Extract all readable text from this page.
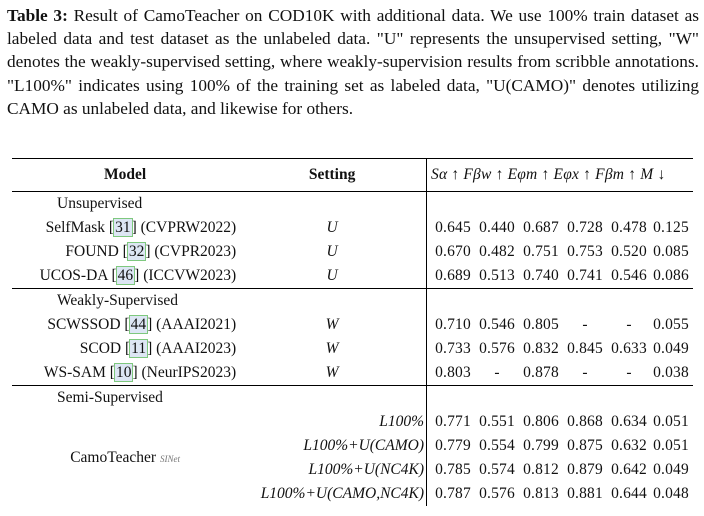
Table 3: Result of CamoTeacher on COD10K with additional data. We use 100% train dataset as labeled data and test dataset as the unlabeled data. "U" represents the unsupervised setting, "W" denotes the weakly-supervised setting, where weakly-supervision results from scribble annotations. "L100%" indicates using 100% of the training set as labeled data, "U(CAMO)" denotes utilizing CAMO as unlabeled data, and likewise for others.
Model	Setting	Sα ↑ Fβw ↑ Eφm ↑ Eφx ↑ Fβm ↑ M ↓
Unsupervised		
SelfMask [31] (CVPRW2022)	U	0.645 0.440 0.687 0.728 0.478 0.125
FOUND [32] (CVPR2023)	U	0.670 0.482 0.751 0.753 0.520 0.085
UCOS-DA [46] (ICCVW2023)	U	0.689 0.513 0.740 0.741 0.546 0.086
Weakly-Supervised		
SCWSSOD [44] (AAAI2021)	W	0.710 0.546 0.805 - - 0.055
SCOD [11] (AAAI2023)	W	0.733 0.576 0.832 0.845 0.633 0.049
WS-SAM [10] (NeurIPS2023)	W	0.803 - 0.878 - - 0.038
Semi-Supervised		
CamoTeacher SINet	L100%	0.771 0.551 0.806 0.868 0.634 0.051
	L100%+U(CAMO)	0.779 0.554 0.799 0.875 0.632 0.051
	L100%+U(NC4K)	0.785 0.574 0.812 0.879 0.642 0.049
	L100%+U(CAMO,NC4K)	0.787 0.576 0.813 0.881 0.644 0.048
